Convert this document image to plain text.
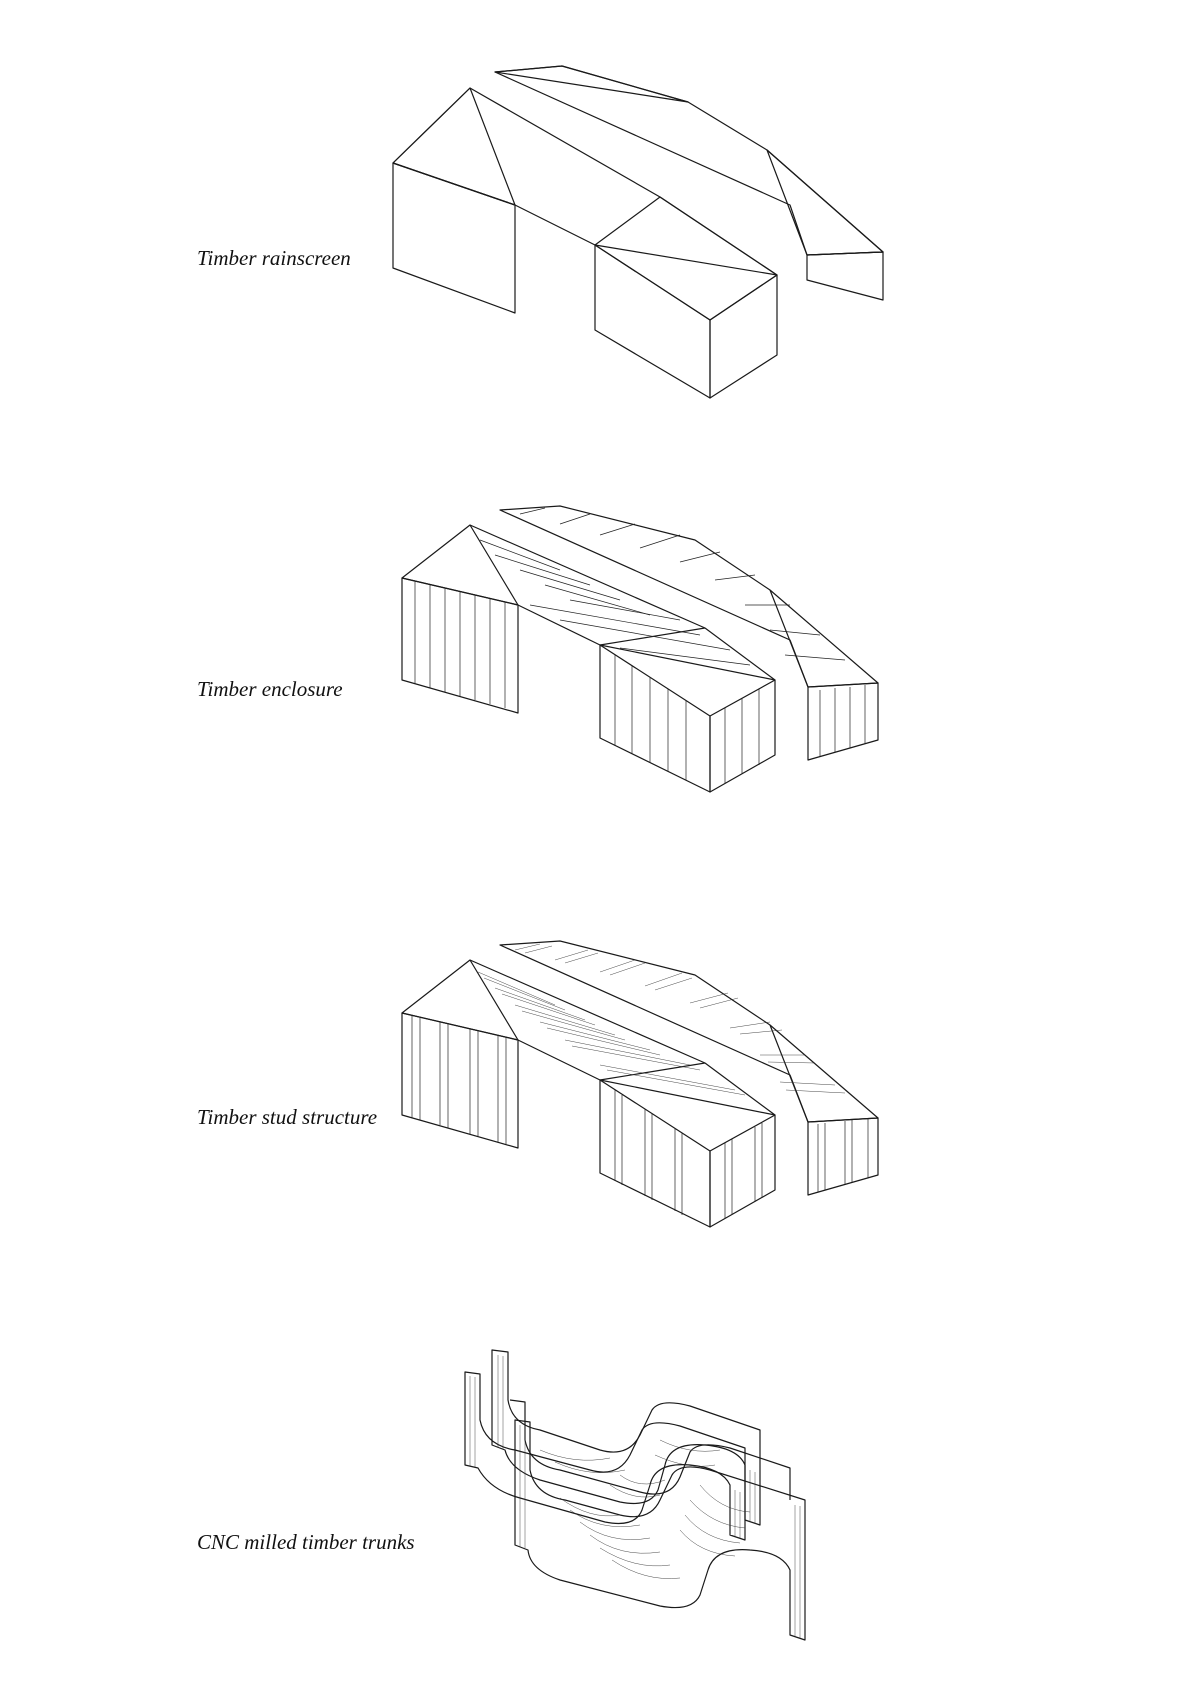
Timber rainscreen
Timber enclosure
Timber stud structure
CNC milled timber trunks
